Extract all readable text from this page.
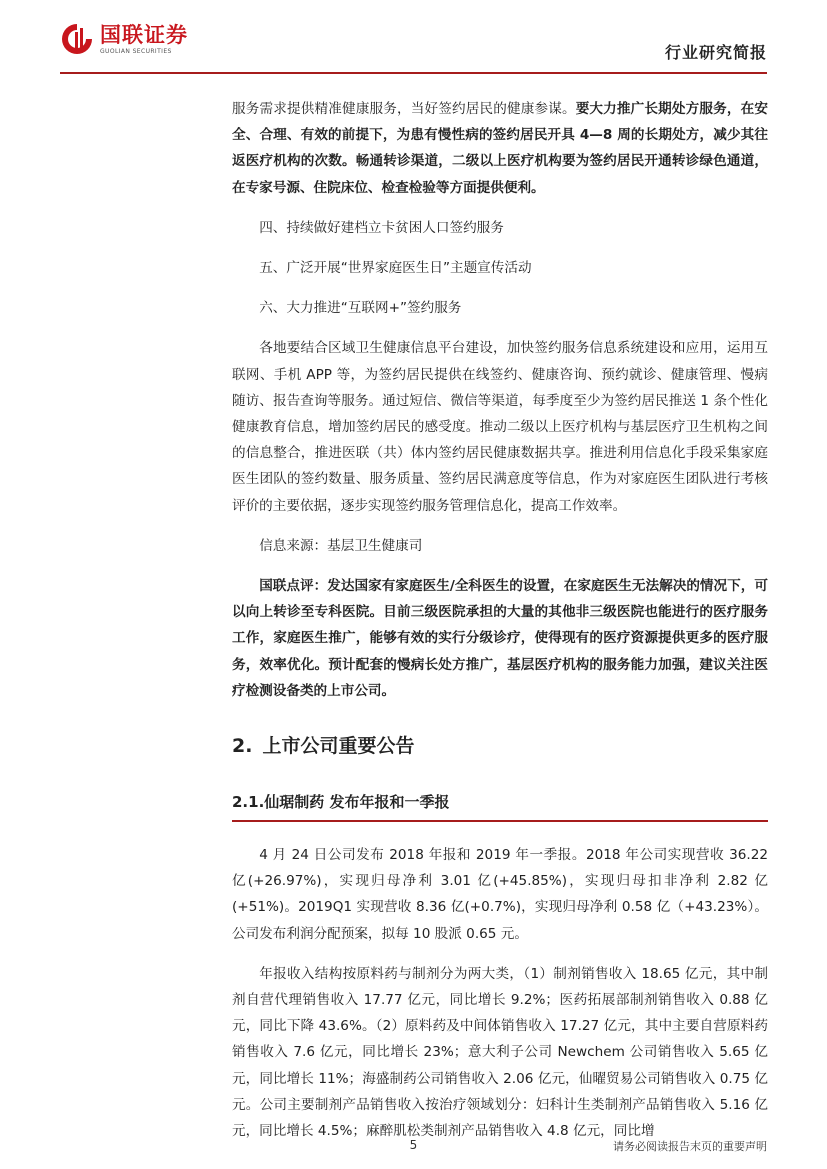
国联证券
GUOLIAN SECURITIES	行业研究简报

服务需求提供精准健康服务，当好签约居民的健康参谋。要大力推广长期处方服务，在安全、合理、有效的前提下，为患有慢性病的签约居民开具 4—8 周的长期处方，减少其往返医疗机构的次数。畅通转诊渠道，二级以上医疗机构要为签约居民开通转诊绿色通道，在专家号源、住院床位、检查检验等方面提供便利。

四、持续做好建档立卡贫困人口签约服务

五、广泛开展“世界家庭医生日”主题宣传活动

六、大力推进“互联网+”签约服务

各地要结合区域卫生健康信息平台建设，加快签约服务信息系统建设和应用，运用互联网、手机 APP 等，为签约居民提供在线签约、健康咨询、预约就诊、健康管理、慢病随访、报告查询等服务。通过短信、微信等渠道，每季度至少为签约居民推送 1 条个性化健康教育信息，增加签约居民的感受度。推动二级以上医疗机构与基层医疗卫生机构之间的信息整合，推进医联（共）体内签约居民健康数据共享。推进利用信息化手段采集家庭医生团队的签约数量、服务质量、签约居民满意度等信息，作为对家庭医生团队进行考核评价的主要依据，逐步实现签约服务管理信息化，提高工作效率。

信息来源：基层卫生健康司

国联点评：发达国家有家庭医生/全科医生的设置，在家庭医生无法解决的情况下，可以向上转诊至专科医院。目前三级医院承担的大量的其他非三级医院也能进行的医疗服务工作，家庭医生推广，能够有效的实行分级诊疗，使得现有的医疗资源提供更多的医疗服务，效率优化。预计配套的慢病长处方推广，基层医疗机构的服务能力加强，建议关注医疗检测设备类的上市公司。

2. 上市公司重要公告
2.1.仙琚制药 发布年报和一季报

4 月 24 日公司发布 2018 年报和 2019 年一季报。2018 年公司实现营收 36.22 亿(+26.97%)，实现归母净利 3.01 亿(+45.85%)，实现归母扣非净利 2.82 亿(+51%)。2019Q1 实现营收 8.36 亿(+0.7%)，实现归母净利 0.58 亿（+43.23%）。公司发布利润分配预案，拟每 10 股派 0.65 元。

年报收入结构按原料药与制剂分为两大类，（1）制剂销售收入 18.65 亿元，其中制剂自营代理销售收入 17.77 亿元，同比增长 9.2%；医药拓展部制剂销售收入 0.88 亿元，同比下降 43.6%。（2）原料药及中间体销售收入 17.27 亿元，其中主要自营原料药销售收入 7.6 亿元，同比增长 23%；意大利子公司 Newchem 公司销售收入 5.65 亿元，同比增长 11%；海盛制药公司销售收入 2.06 亿元，仙曜贸易公司销售收入 0.75 亿元。公司主要制剂产品销售收入按治疗领域划分：妇科计生类制剂产品销售收入 5.16 亿元，同比增长 4.5%；麻醉肌松类制剂产品销售收入 4.8 亿元，同比增

5	请务必阅读报告末页的重要声明
